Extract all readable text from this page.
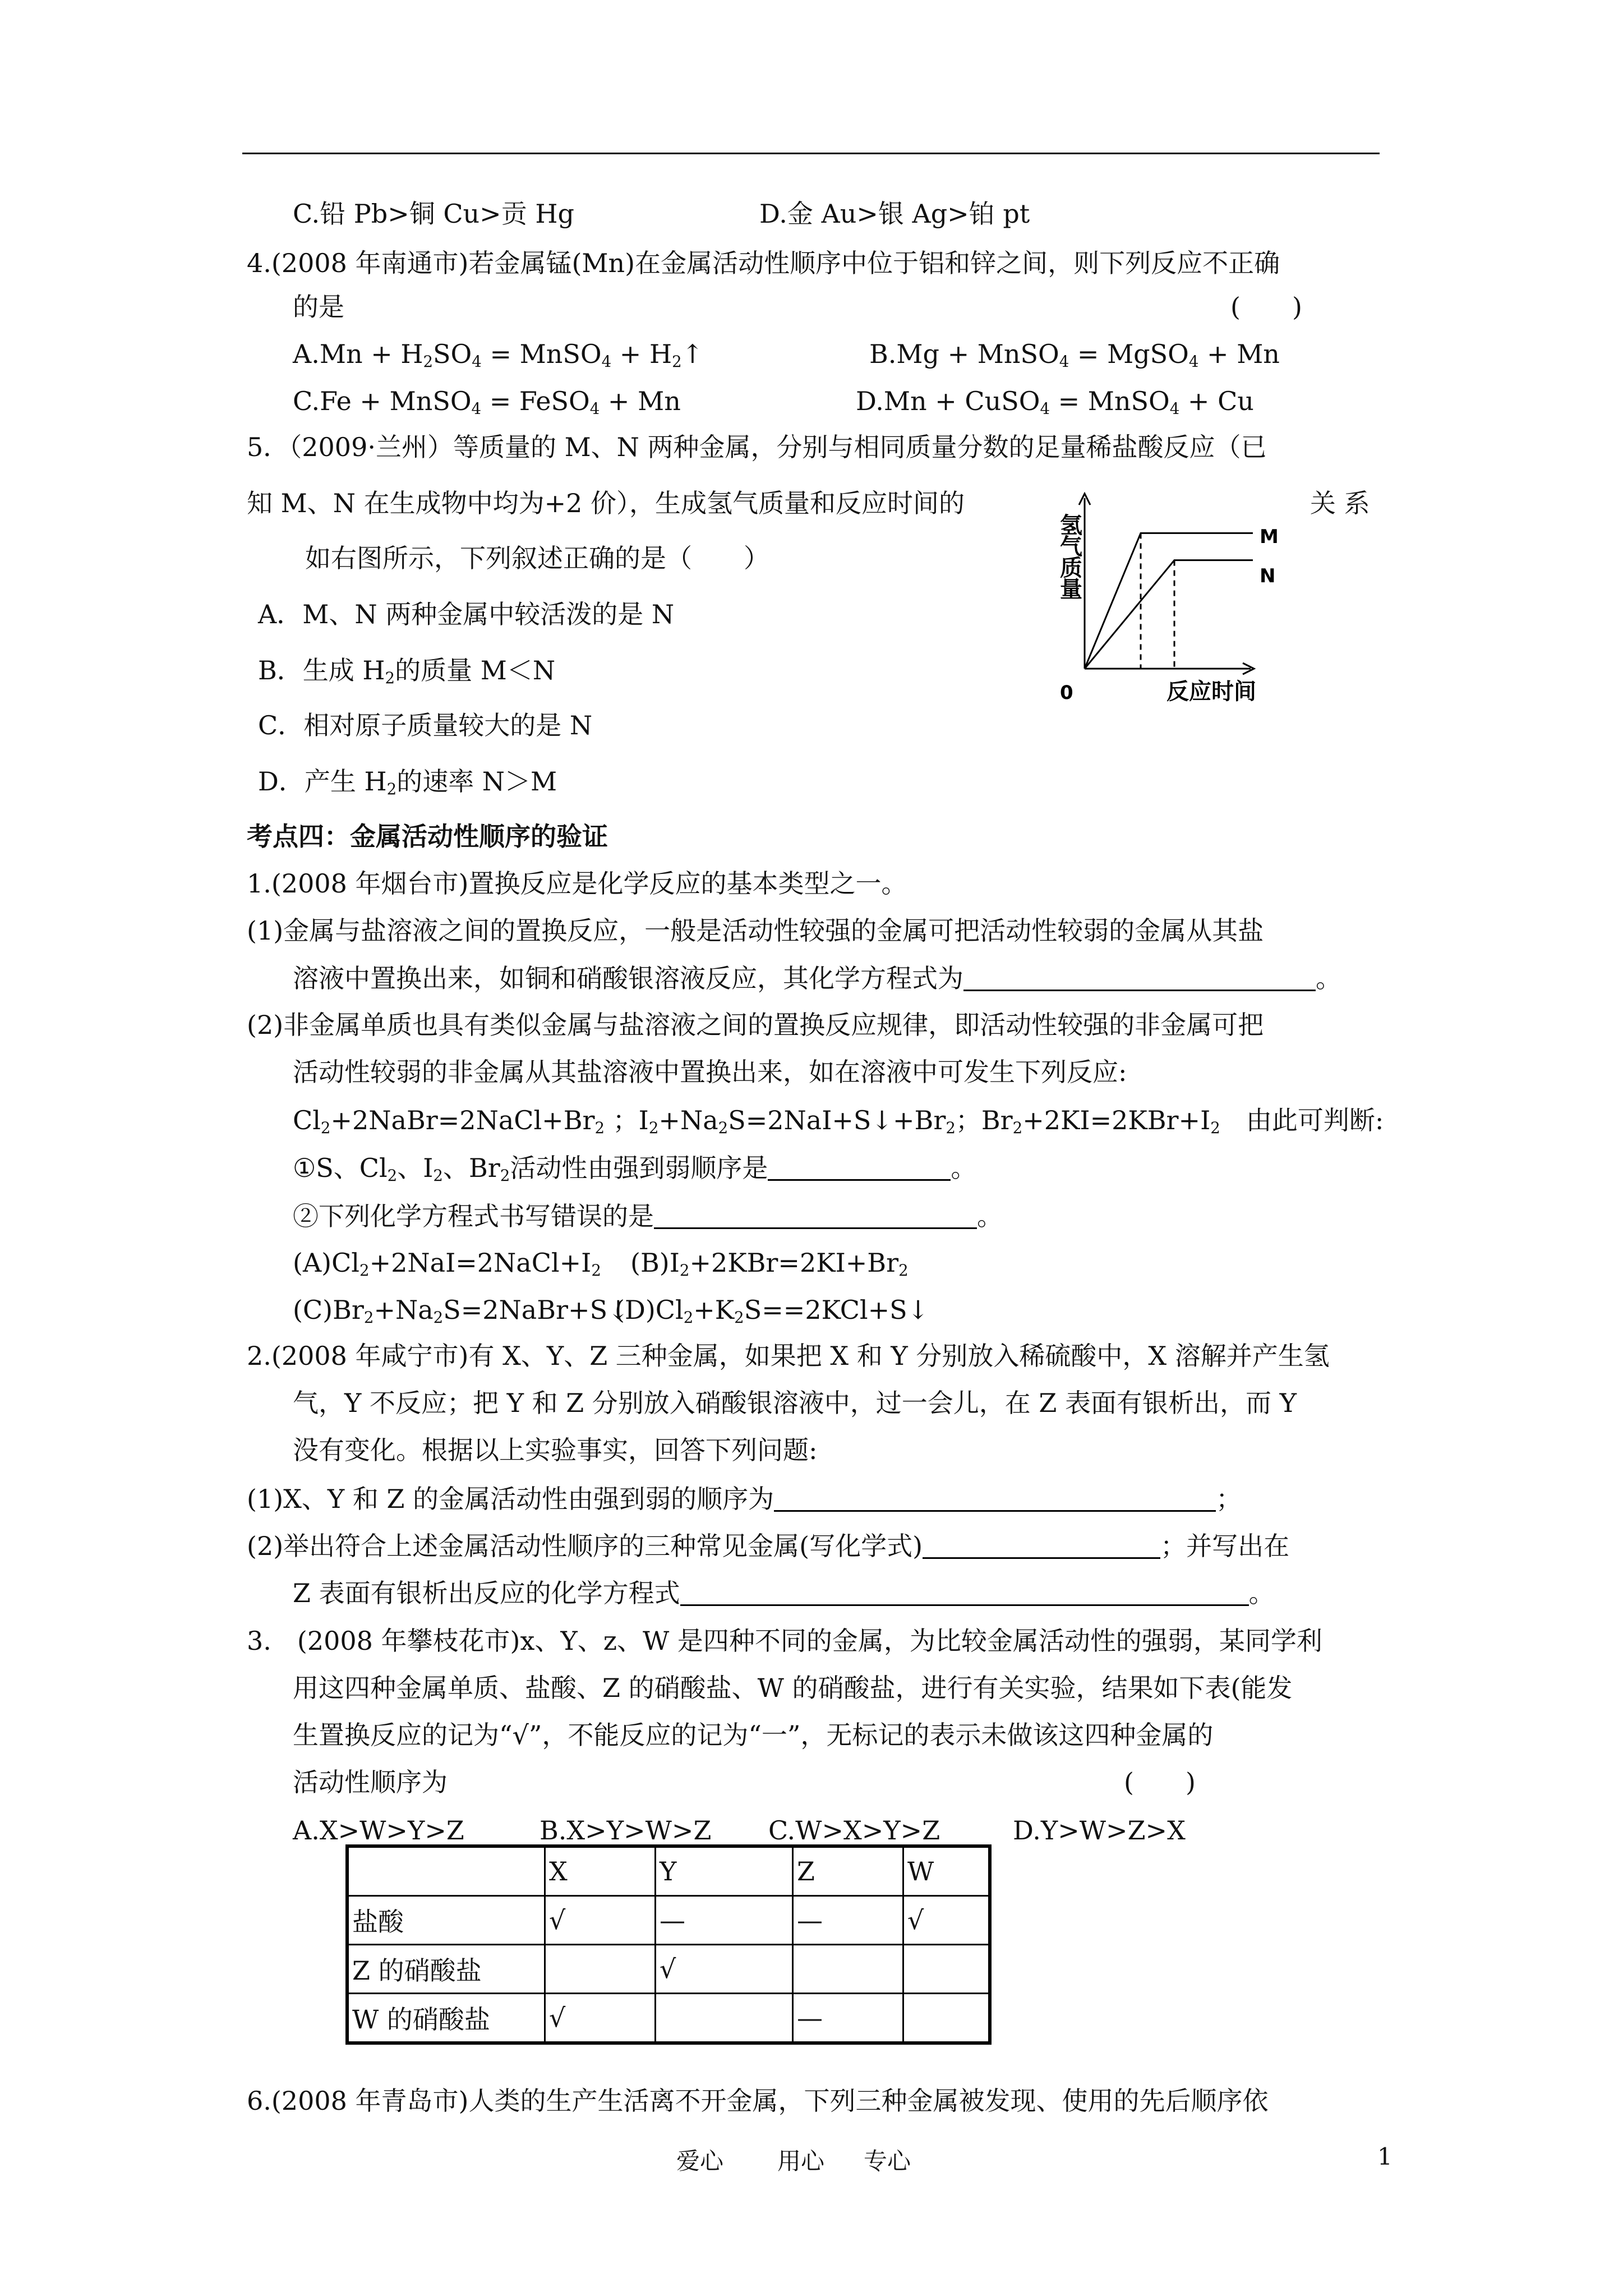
C.铅 Pb>铜 Cu>贡 Hg	D.金 Au>银 Ag>铂 pt
4.(2008 年南通市)若金属锰(Mn)在金属活动性顺序中位于铝和锌之间，则下列反应不正确
的是	(　　)
$A.Mn + H_2SO_4$ = MnSO$_4$ + $H_2↑$	B.Mg + MnSO$_4$ = MgSO$_4$ + Mn
C.Fe + MnSO$_4$ = FeSO$_4$ + Mn	D.Mn + CuSO$_4$ = MnSO$_4$ + Cu
5．（2009·兰州）等质量的 M、N 两种金属，分别与相同质量分数的足量稀盐酸反应（已
知 M、N 在生成物中均为+2 价），生成氢气质量和反应时间的	关 系
如右图所示，下列叙述正确的是（　　）
A．M、N 两种金属中较活泼的是 N
B．生成 $H_2$的质量 M＜N
C．相对原子质量较大的是 N
D．产生 $H_2$的速率 N＞M
氢
气
质
量
0	反应时间
M
N
考点四：金属活动性顺序的验证
1.(2008 年烟台市)置换反应是化学反应的基本类型之一。
(1)金属与盐溶液之间的置换反应，一般是活动性较强的金属可把活动性较弱的金属从其盐
溶液中置换出来，如铜和硝酸银溶液反应，其化学方程式为	。
(2)非金属单质也具有类似金属与盐溶液之间的置换反应规律，即活动性较强的非金属可把
活动性较弱的非金属从其盐溶液中置换出来，如在溶液中可发生下列反应:
$Cl_2+2NaBr=2NaCl+Br_2$ ；$I_2+Na_2S=2NaI+S↓+Br_2$；$Br_2+2KI=2KBr+I_2$　由此可判断:
①S、$Cl_2$、$I_2$、$Br_2$活动性由强到弱顺序是	。
②下列化学方程式书写错误的是	。
$(A)Cl_2+2NaI=2NaCl+I_2$ $(B)I_2+2KBr=2KI+Br_2$
$(C)Br_2+Na_2S=2NaBr+S↓$
$(D)Cl_2+K_2S==2KCl+S↓$
2.(2008 年咸宁市)有 X、Y、Z 三种金属，如果把 X 和 Y 分别放入稀硫酸中，X 溶解并产生氢
气，Y 不反应；把 Y 和 Z 分别放入硝酸银溶液中，过一会儿，在 Z 表面有银析出，而 Y
没有变化。根据以上实验事实，回答下列问题:
(1)X、Y 和 Z 的金属活动性由强到弱的顺序为	；
(2)举出符合上述金属活动性顺序的三种常见金属(写化学式)	；并写出在
Z 表面有银析出反应的化学方程式	。
3.　(2008 年攀枝花市)x、Y、z、W 是四种不同的金属，为比较金属活动性的强弱，某同学利
用这四种金属单质、盐酸、Z 的硝酸盐、W 的硝酸盐，进行有关实验，结果如下表(能发
生置换反应的记为“√”，不能反应的记为“一”，无标记的表示未做该这四种金属的
活动性顺序为	(　　)
A.X>W>Y>Z	B.X>Y>W>Z C.W>X>Y>Z	D.Y>W>Z>X
	X	Y	Z	W
盐酸	√	—	—	√
Z 的硝酸盐		√		
W 的硝酸盐	√		—	
6.(2008 年青岛市)人类的生产生活离不开金属，下列三种金属被发现、使用的先后顺序依
爱心 用心 专心	1
